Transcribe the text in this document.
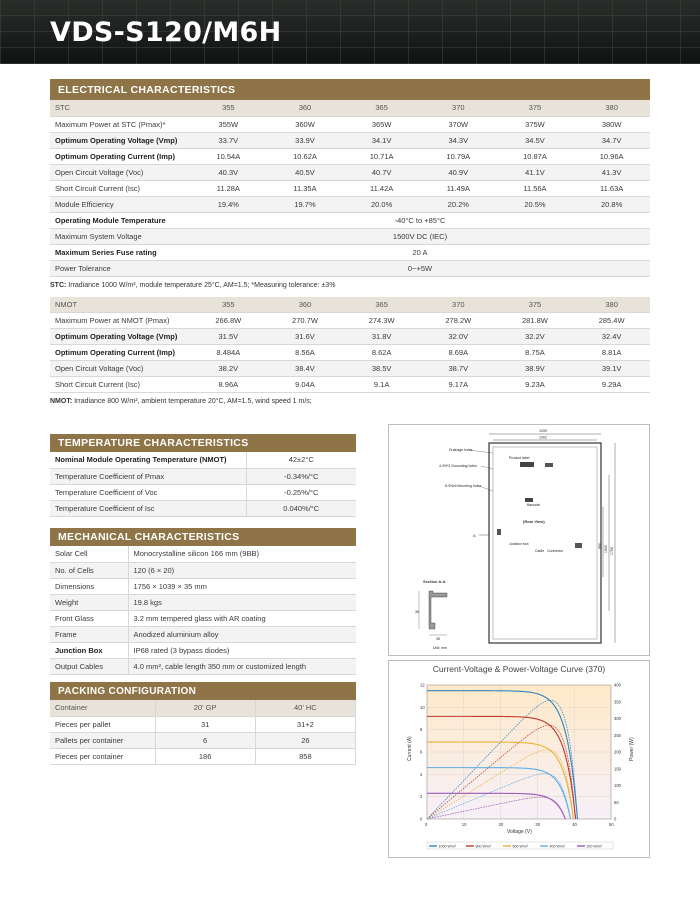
VDS-S120/M6H
ELECTRICAL CHARACTERISTICS
STC	355	360	365	370	375	380
Maximum Power at STC (Pmax)*	355W	360W	365W	370W	375W	380W
Optimum Operating Voltage (Vmp)	33.7V	33.9V	34.1V	34.3V	34.5V	34.7V
Optimum Operating Current (Imp)	10.54A	10.62A	10.71A	10.79A	10.87A	10.96A
Open Circuit Voltage (Voc)	40.3V	40.5V	40.7V	40.9V	41.1V	41.3V
Short Circuit Current (Isc)	11.28A	11.35A	11.42A	11.49A	11.56A	11.63A
Module Efficiency	19.4%	19.7%	20.0%	20.2%	20.5%	20.8%
Operating Module Temperature	-40°C to +85°C					
Maximum System Voltage	1500V DC (IEC)					
Maximum Series Fuse rating	20 A					
Power Tolerance	0~+5W					
STC: Irradiance 1000 W/m², module temperature 25°C, AM=1.5; *Measuring tolerance: ±3%
NMOT	355	360	365	370	375	380
Maximum Power at NMOT (Pmax)	266.8W	270.7W	274.3W	278.2W	281.8W	285.4W
Optimum Operating Voltage (Vmp)	31.5V	31.6V	31.8V	32.0V	32.2V	32.4V
Optimum Operating Current (Imp)	8.484A	8.56A	8.62A	8.69A	8.75A	8.81A
Open Circuit Voltage (Voc)	38.2V	38.4V	38.5V	38.7V	38.9V	39.1V
Short Circuit Current (Isc)	8.96A	9.04A	9.1A	9.17A	9.23A	9.29A
NMOT: Irradiance 800 W/m², ambient temperature 20°C, AM=1.5, wind speed 1 m/s;
TEMPERATURE CHARACTERISTICS
Nominal Module Operating Temperature (NMOT)	42±2°C
Temperature Coefficient of Pmax	-0.34%/°C
Temperature Coefficient of Voc	-0.25%/°C
Temperature Coefficient of Isc	0.040%/°C
MECHANICAL CHARACTERISTICS
Solar Cell	Monocrystalline silicon 166 mm (9BB)
No. of Cells	120 (6 × 20)
Dimensions	1756 × 1039 × 35 mm
Weight	19.8 kgs
Front Glass	3.2 mm tempered glass with AR coating
Frame	Anodized aluminium alloy
Junction Box	IP68 rated (3 bypass diodes)
Output Cables	4.0 mm², cable length 350 mm or customized length
PACKING CONFIGURATION
Container	20' GP	40' HC
Pieces per pallet	31	31+2
Pallets per container	6	26
Pieces per container	186	858
1039
1002
1756
1500
990
(Rear View)
Drainage holes
4-Φ9*3 Grounding holes
Product label
8-Φ4x9 Mounting holes
Barcode
Junction box
Cable Connector
A
Section A-A
35
35
Unit: mm
Current-Voltage & Power-Voltage Curve (370)
0	10	20	30	40	50
0
2
4
6
8
10
12
0
50
100
150
200
250
300
350
400
Voltage (V)
Current (A)	Power (W)
1000 W/m²	800 W/m²	600 W/m²	400 W/m²	200 W/m²
